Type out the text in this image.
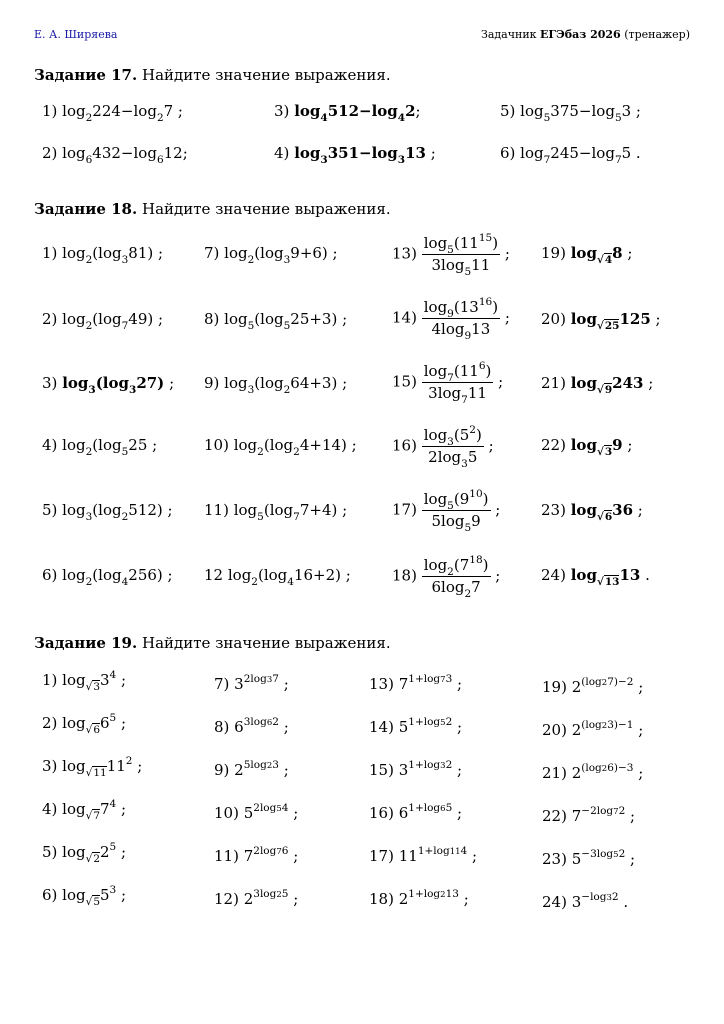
Е. А. Ширяева	Задачник ЕГЭбаз 2026 (тренажер)
Задание 17. Найдите значение выражения.
1) $\log_2224-\log_27$ ;
2) $\log_6432-\log_612$;
3) $\log_4512-\log_42$;
4) $\log_3351-\log_313$ ;
5) $\log_5375-\log_53$ ;
6) $\log_7245-\log_75$ .
Задание 18. Найдите значение выражения.
1) $\log_2(\log_381)$ ;
2) $\log_2(\log_749)$ ;
3) $\log_3(\log_327)$ ;
4) $\log_2(\log_525$ ;
5) $\log_3(\log_2512)$ ;
6) $\log_2(\log_4256)$ ;
7) $\log_2(\log_39+6)$ ;
8) $\log_5(\log_525+3)$ ;
9) $\log_3(\log_264+3)$ ;
10) $\log_2(\log_24+14)$ ;
11) $\log_5(\log_77+4)$ ;
12 $\log_2(\log_416+2)$ ;
$13) \frac{\log_5(11^{15})}{3\log_511}$ ;
$14) \frac{\log_9(13^{16})}{4\log_913}$ ;
$15) \frac{\log_7(11^6)}{3\log_711}$ ;
$16) \frac{\log_3(5^2)}{2\log_35}$ ;
$17) \frac{\log_5(9^{10})}{5\log_59}$ ;
$18) \frac{\log_2(7^{18})}{6\log_27}$ ;
19) $\log_{√4}8$ ;
20) $\log_{√25}125$ ;
21) $\log_{√9}243$ ;
22) $\log_{√3}9$ ;
23) $\log_{√6}36$ ;
24) $\log_{√13}13$ .
Задание 19. Найдите значение выражения.
1) $\log_{√3}3^4$ ;
2) $\log_{√6}6^5$ ;
3) $\log_{√11}11^2$ ;
4) $\log_{√7}7^4$ ;
5) $\log_{√2}2^5$ ;
6) $\log_{√5}5^3$ ;
7) $3^{2log37}$ ;
8) $6^{3log62}$ ;
9) $2^{5log23}$ ;
10) $5^{2log54}$ ;
11) $7^{2log76}$ ;
12) $2^{3log25}$ ;
13) $7^{1+log73}$ ;
14) $5^{1+log52}$ ;
15) $3^{1+log32}$ ;
16) $6^{1+log65}$ ;
17) $11^{1+log114}$ ;
18) $2^{1+log213}$ ;
19) $2^{(log27)-2}$ ;
20) $2^{(log23)-1}$ ;
21) $2^{(log26)-3}$ ;
22) $7^{-2log72}$ ;
23) $5^{-3log52}$ ;
24) $3^{-log32}$ .
